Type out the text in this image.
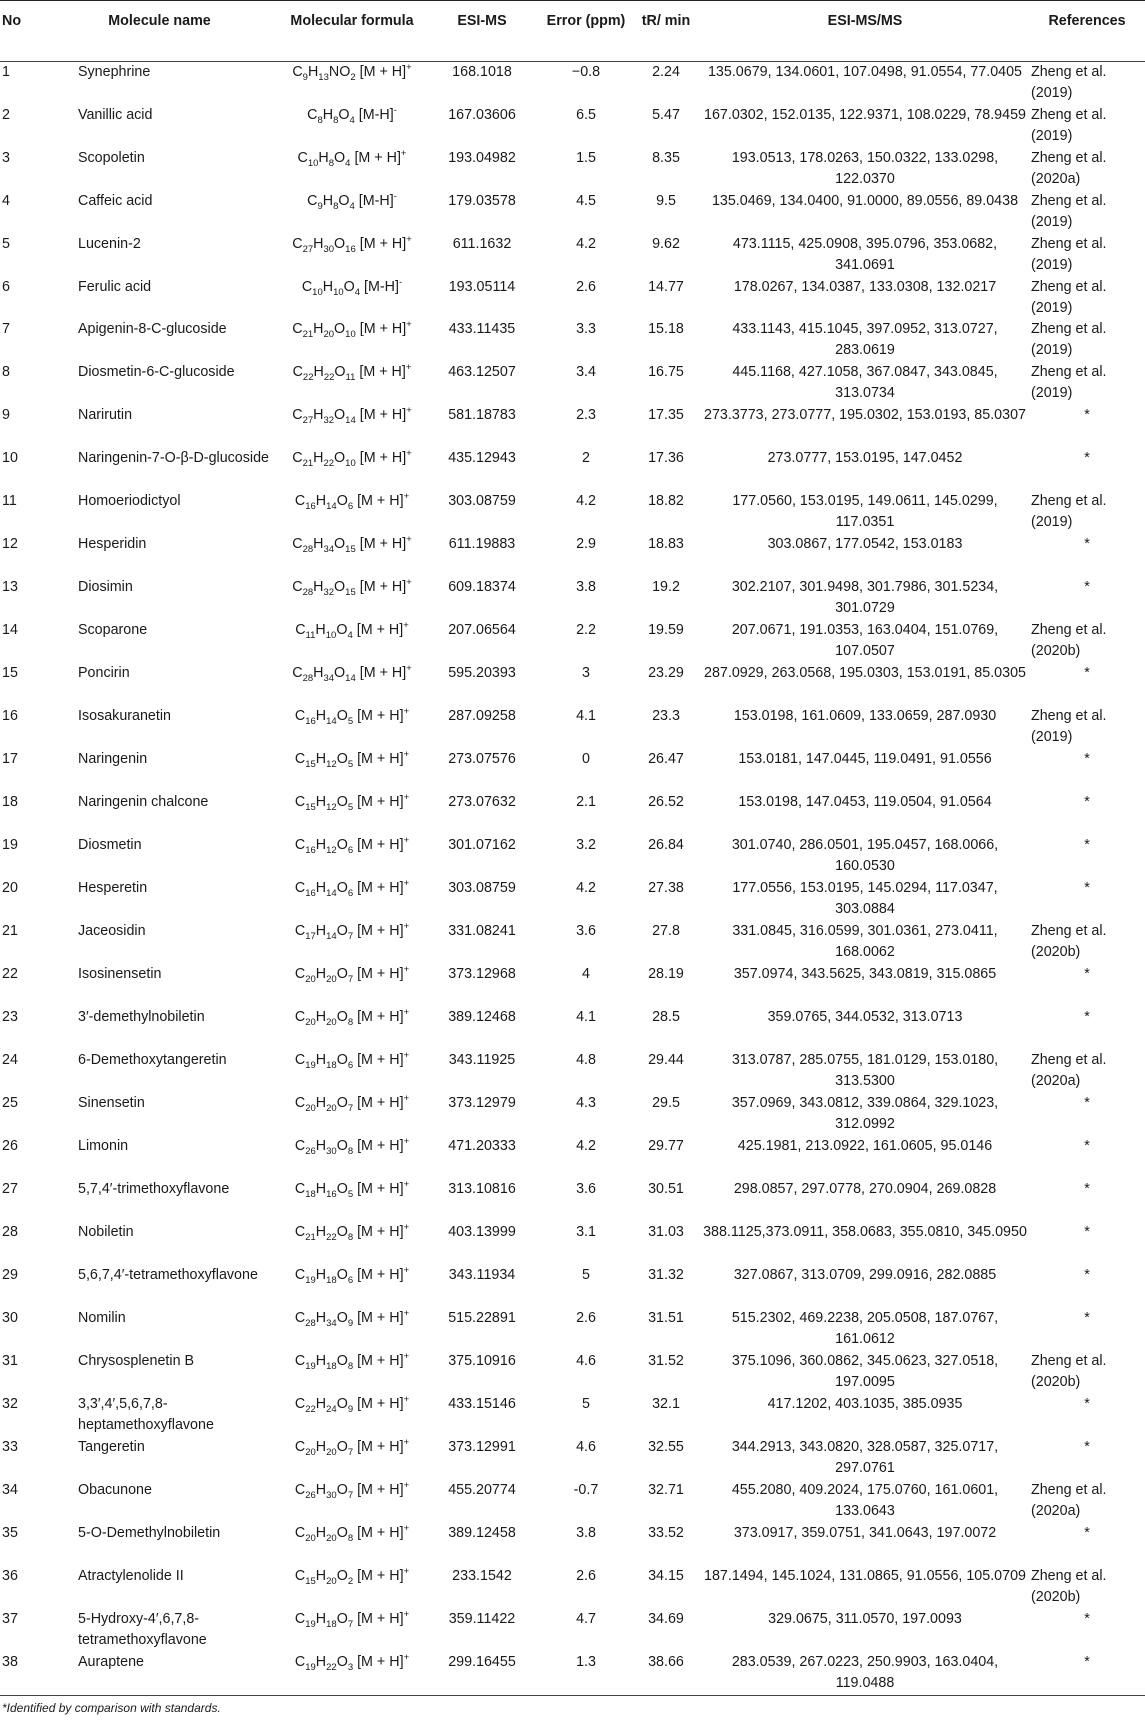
No	Molecule name	Molecular formula	ESI-MS	Error (ppm)	tR/ min	ESI-MS/MS	References
1	Synephrine	$C_9H_{13}NO_2$ [M + H]+	168.1018	−0.8	2.24	135.0679, 134.0601, 107.0498, 91.0554, 77.0405	Zheng et al. (2019)
2	Vanillic acid	$C_8H_8O_4$ [M-H]-	167.03606	6.5	5.47	167.0302, 152.0135, 122.9371, 108.0229, 78.9459	Zheng et al. (2019)
3	Scopoletin	$C_{10}H_8O_4$ [M + H]+	193.04982	1.5	8.35	193.0513, 178.0263, 150.0322, 133.0298, 122.0370	Zheng et al. (2020a)
4	Caffeic acid	$C_9H_8O_4$ [M-H]-	179.03578	4.5	9.5	135.0469, 134.0400, 91.0000, 89.0556, 89.0438	Zheng et al. (2019)
5	Lucenin-2	$C_{27}H_{30}O_{16}$ [M + H]+	611.1632	4.2	9.62	473.1115, 425.0908, 395.0796, 353.0682, 341.0691	Zheng et al. (2019)
6	Ferulic acid	$C_{10}H_{10}O_4$ [M-H]-	193.05114	2.6	14.77	178.0267, 134.0387, 133.0308, 132.0217	Zheng et al. (2019)
7	Apigenin-8-C-glucoside	$C_{21}H_{20}O_{10}$ [M + H]+	433.11435	3.3	15.18	433.1143, 415.1045, 397.0952, 313.0727, 283.0619	Zheng et al. (2019)
8	Diosmetin-6-C-glucoside	$C_{22}H_{22}O_{11}$ [M + H]+	463.12507	3.4	16.75	445.1168, 427.1058, 367.0847, 343.0845, 313.0734	Zheng et al. (2019)
9	Narirutin	$C_{27}H_{32}O_{14}$ [M + H]+	581.18783	2.3	17.35	273.3773, 273.0777, 195.0302, 153.0193, 85.0307	*
10	Naringenin-7-O-β-D-glucoside	$C_{21}H_{22}O_{10}$ [M + H]+	435.12943	2	17.36	273.0777, 153.0195, 147.0452	*
11	Homoeriodictyol	$C_{16}H_{14}O_6$ [M + H]+	303.08759	4.2	18.82	177.0560, 153.0195, 149.0611, 145.0299, 117.0351	Zheng et al. (2019)
12	Hesperidin	$C_{28}H_{34}O_{15}$ [M + H]+	611.19883	2.9	18.83	303.0867, 177.0542, 153.0183	*
13	Diosimin	$C_{28}H_{32}O_{15}$ [M + H]+	609.18374	3.8	19.2	302.2107, 301.9498, 301.7986, 301.5234, 301.0729	*
14	Scoparone	$C_{11}H_{10}O_4$ [M + H]+	207.06564	2.2	19.59	207.0671, 191.0353, 163.0404, 151.0769, 107.0507	Zheng et al. (2020b)
15	Poncirin	$C_{28}H_{34}O_{14}$ [M + H]+	595.20393	3	23.29	287.0929, 263.0568, 195.0303, 153.0191, 85.0305	*
16	Isosakuranetin	$C_{16}H_{14}O_5$ [M + H]+	287.09258	4.1	23.3	153.0198, 161.0609, 133.0659, 287.0930	Zheng et al. (2019)
17	Naringenin	$C_{15}H_{12}O_5$ [M + H]+	273.07576	0	26.47	153.0181, 147.0445, 119.0491, 91.0556	*
18	Naringenin chalcone	$C_{15}H_{12}O_5$ [M + H]+	273.07632	2.1	26.52	153.0198, 147.0453, 119.0504, 91.0564	*
19	Diosmetin	$C_{16}H_{12}O_6$ [M + H]+	301.07162	3.2	26.84	301.0740, 286.0501, 195.0457, 168.0066, 160.0530	*
20	Hesperetin	$C_{16}H_{14}O_6$ [M + H]+	303.08759	4.2	27.38	177.0556, 153.0195, 145.0294, 117.0347, 303.0884	*
21	Jaceosidin	$C_{17}H_{14}O_7$ [M + H]+	331.08241	3.6	27.8	331.0845, 316.0599, 301.0361, 273.0411, 168.0062	Zheng et al. (2020b)
22	Isosinensetin	$C_{20}H_{20}O_7$ [M + H]+	373.12968	4	28.19	357.0974, 343.5625, 343.0819, 315.0865	*
23	3′-demethylnobiletin	$C_{20}H_{20}O_8$ [M + H]+	389.12468	4.1	28.5	359.0765, 344.0532, 313.0713	*
24	6-Demethoxytangeretin	$C_{19}H_{18}O_6$ [M + H]+	343.11925	4.8	29.44	313.0787, 285.0755, 181.0129, 153.0180, 313.5300	Zheng et al. (2020a)
25	Sinensetin	$C_{20}H_{20}O_7$ [M + H]+	373.12979	4.3	29.5	357.0969, 343.0812, 339.0864, 329.1023, 312.0992	*
26	Limonin	$C_{26}H_{30}O_8$ [M + H]+	471.20333	4.2	29.77	425.1981, 213.0922, 161.0605, 95.0146	*
27	5,7,4′-trimethoxyflavone	$C_{18}H_{16}O_5$ [M + H]+	313.10816	3.6	30.51	298.0857, 297.0778, 270.0904, 269.0828	*
28	Nobiletin	$C_{21}H_{22}O_8$ [M + H]+	403.13999	3.1	31.03	388.1125,373.0911, 358.0683, 355.0810, 345.0950	*
29	5,6,7,4′-tetramethoxyflavone	$C_{19}H_{18}O_6$ [M + H]+	343.11934	5	31.32	327.0867, 313.0709, 299.0916, 282.0885	*
30	Nomilin	$C_{28}H_{34}O_9$ [M + H]+	515.22891	2.6	31.51	515.2302, 469.2238, 205.0508, 187.0767, 161.0612	*
31	Chrysosplenetin B	$C_{19}H_{18}O_8$ [M + H]+	375.10916	4.6	31.52	375.1096, 360.0862, 345.0623, 327.0518, 197.0095	Zheng et al. (2020b)
32	3,3′,4′,5,6,7,8-heptamethoxyflavone	$C_{22}H_{24}O_9$ [M + H]+	433.15146	5	32.1	417.1202, 403.1035, 385.0935	*
33	Tangeretin	$C_{20}H_{20}O_7$ [M + H]+	373.12991	4.6	32.55	344.2913, 343.0820, 328.0587, 325.0717, 297.0761	*
34	Obacunone	$C_{26}H_{30}O_7$ [M + H]+	455.20774	-0.7	32.71	455.2080, 409.2024, 175.0760, 161.0601, 133.0643	Zheng et al. (2020a)
35	5-O-Demethylnobiletin	$C_{20}H_{20}O_8$ [M + H]+	389.12458	3.8	33.52	373.0917, 359.0751, 341.0643, 197.0072	*
36	Atractylenolide II	$C_{15}H_{20}O_2$ [M + H]+	233.1542	2.6	34.15	187.1494, 145.1024, 131.0865, 91.0556, 105.0709	Zheng et al. (2020b)
37	5-Hydroxy-4′,6,7,8-tetramethoxyflavone	$C_{19}H_{18}O_7$ [M + H]+	359.11422	4.7	34.69	329.0675, 311.0570, 197.0093	*
38	Auraptene	$C_{19}H_{22}O_3$ [M + H]+	299.16455	1.3	38.66	283.0539, 267.0223, 250.9903, 163.0404, 119.0488	*
*Identified by comparison with standards.
